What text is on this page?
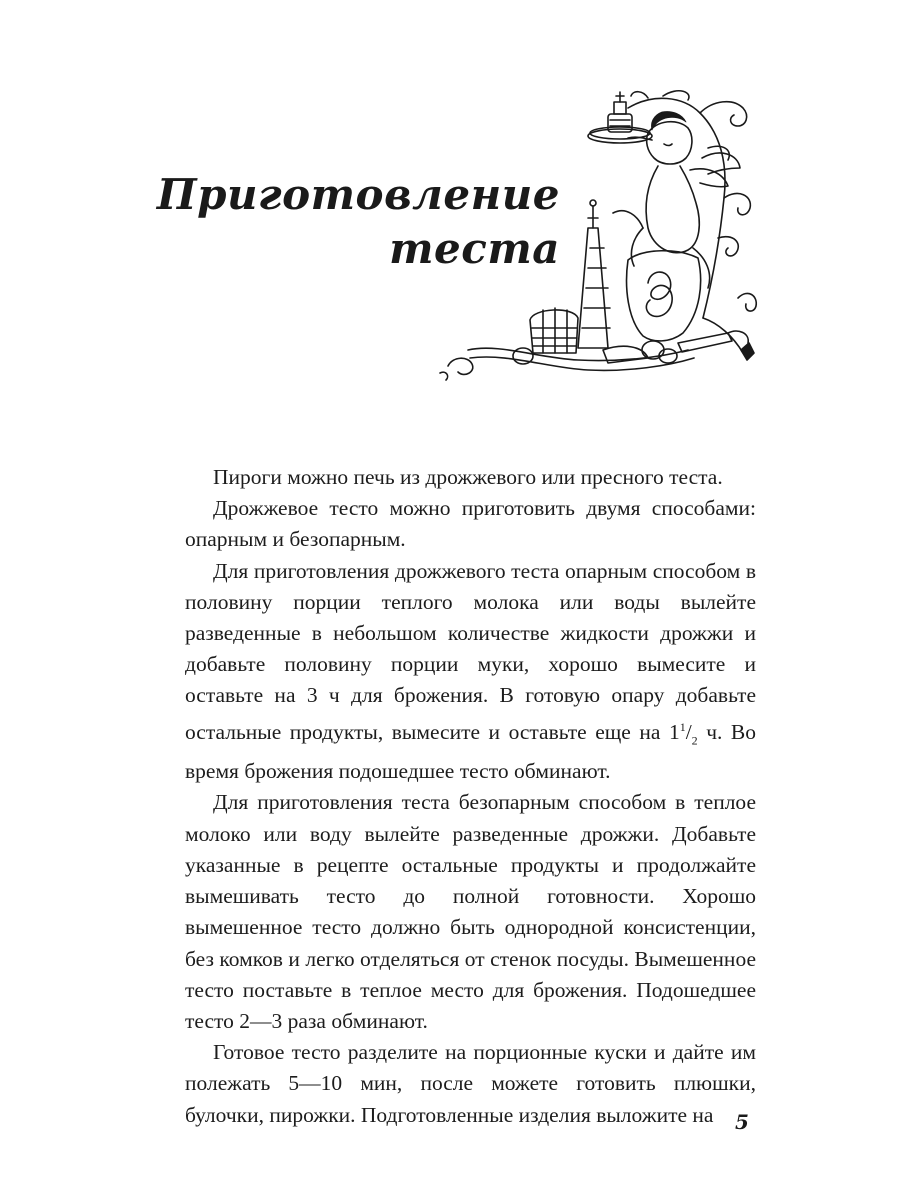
Приготовление
теста

Пироги можно печь из дрожжевого или пресного теста.

Дрожжевое тесто можно приготовить двумя способами: опарным и безопарным.

Для приготовления дрожжевого теста опарным способом в половину порции теплого молока или воды вылейте разведенные в небольшом количестве жидкости дрожжи и добавьте половину порции муки, хорошо вымесите и оставьте на 3 ч для брожения. В готовую опару добавьте остальные продукты, вымесите и оставьте еще на $1^1/_2$ ч. Во время брожения подошедшее тесто обминают.

Для приготовления теста безопарным способом в теплое молоко или воду вылейте разведенные дрожжи. Добавьте указанные в рецепте остальные продукты и продолжайте вымешивать тесто до полной готовности. Хорошо вымешенное тесто должно быть однородной консистенции, без комков и легко отделяться от стенок посуды. Вымешенное тесто поставьте в теплое место для брожения. Подошедшее тесто 2—3 раза обминают.

Готовое тесто разделите на порционные куски и дайте им полежать 5—10 мин, после можете готовить плюшки, булочки, пирожки. Подготовленные изделия выложите на	5
